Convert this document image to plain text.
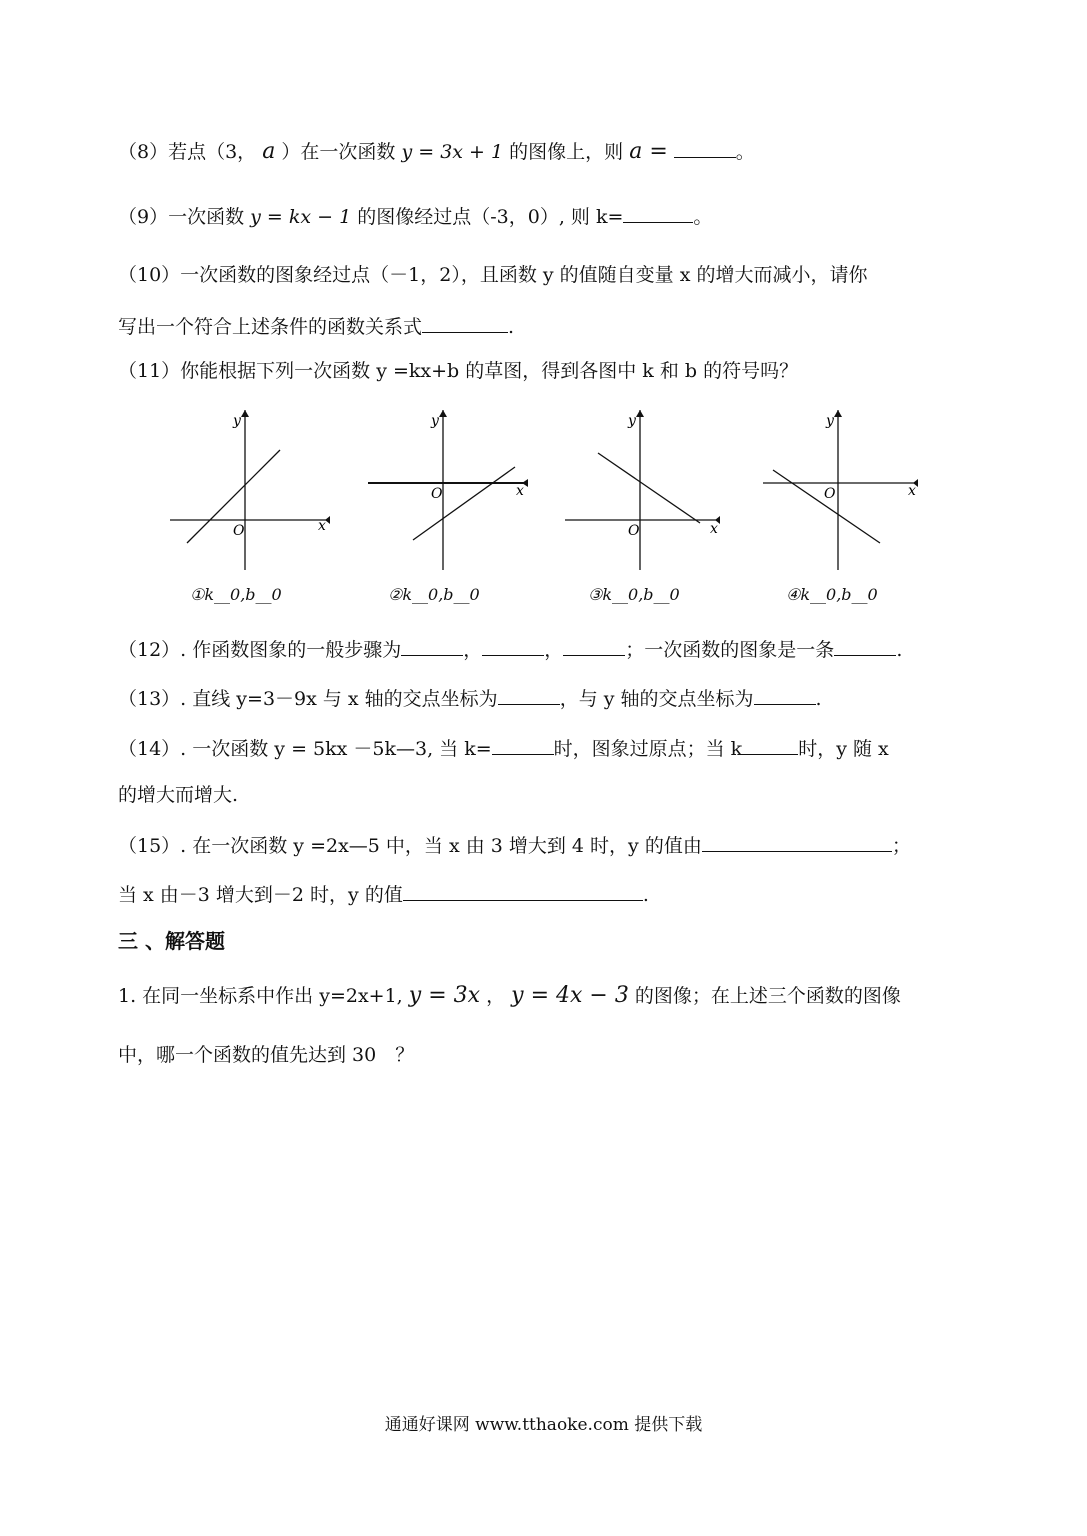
（8）若点（3， a ）在一次函数 y = 3x + 1 的图像上，则 a =	。
（9）一次函数 y = kx − 1 的图像经过点（-3，0）, 则 k=	。
（10）一次函数的图象经过点（－1，2），且函数 y 的值随自变量 x 的增大而减小，请你
写出一个符合上述条件的函数关系式	.
（11）你能根据下列一次函数 y =kx+b 的草图，得到各图中 k 和 b 的符号吗？
y
x
O
y
x
O
y
x
O
y
x
O
①k__0,b__0	②k__0,b__0	③k__0,b__0	④k__0,b__0
（12）. 作函数图象的一般步骤为	，	，	；一次函数的图象是一条	.
（13）. 直线 y=3－9x 与 x 轴的交点坐标为	，与 y 轴的交点坐标为	.
（14）. 一次函数 y = 5kx －5k—3, 当 k=	时，图象过原点；当 k	时，y 随 x
的增大而增大.
（15）. 在一次函数 y =2x—5 中，当 x 由 3 增大到 4 时，y 的值由	；
当 x 由－3 增大到－2 时，y 的值	.
三 、解答题
1. 在同一坐标系中作出 y=2x+1, y = 3x ， y = 4x − 3 的图像；在上述三个函数的图像
中，哪一个函数的值先达到 30　？
通通好课网 www.tthaoke.com 提供下载
